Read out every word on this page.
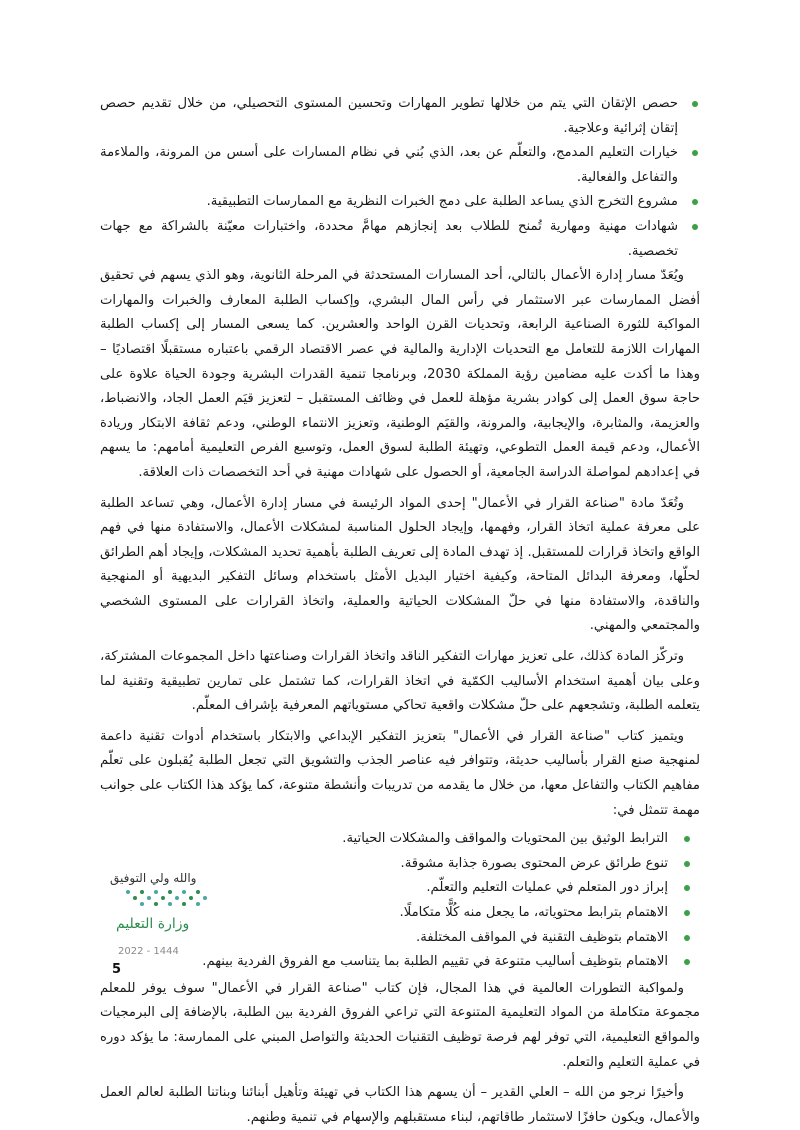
حصص الإتقان التي يتم من خلالها تطوير المهارات وتحسين المستوى التحصيلي، من خلال تقديم حصص إتقان إثرائية وعلاجية.
خيارات التعليم المدمج، والتعلّم عن بعد، الذي بُني في نظام المسارات على أسس من المرونة، والملاءمة والتفاعل والفعالية.
مشروع التخرج الذي يساعد الطلبة على دمج الخبرات النظرية مع الممارسات التطبيقية.
شهادات مهنية ومهارية تُمنح للطلاب بعد إنجازهم مهامَّ محددة، واختبارات معيّنة بالشراكة مع جهات تخصصية.

ويُعَدّ مسار إدارة الأعمال بالتالي، أحد المسارات المستحدثة في المرحلة الثانوية، وهو الذي يسهم في تحقيق أفضل الممارسات عبر الاستثمار في رأس المال البشري، وإكساب الطلبة المعارف والخبرات والمهارات المواكبة للثورة الصناعية الرابعة، وتحديات القرن الواحد والعشرين. كما يسعى المسار إلى إكساب الطلبة المهارات اللازمة للتعامل مع التحديات الإدارية والمالية في عصر الاقتصاد الرقمي باعتباره مستقبلًا اقتصاديًا – وهذا ما أكدت عليه مضامين رؤية المملكة 2030، وبرنامجا تنمية القدرات البشرية وجودة الحياة علاوة على حاجة سوق العمل إلى كوادر بشرية مؤهلة للعمل في وظائف المستقبل – لتعزيز قيَم العمل الجاد، والانضباط، والعزيمة، والمثابرة، والإيجابية، والمرونة، والقيَم الوطنية، وتعزيز الانتماء الوطني، ودعم ثقافة الابتكار وريادة الأعمال، ودعم قيمة العمل التطوعي، وتهيئة الطلبة لسوق العمل، وتوسيع الفرص التعليمية أمامهم: ما يسهم في إعدادهم لمواصلة الدراسة الجامعية، أو الحصول على شهادات مهنية في أحد التخصصات ذات العلاقة.

وتُعَدّ مادة "صناعة القرار في الأعمال" إحدى المواد الرئيسة في مسار إدارة الأعمال، وهي تساعد الطلبة على معرفة عملية اتخاذ القرار، وفهمها، وإيجاد الحلول المناسبة لمشكلات الأعمال، والاستفادة منها في فهم الواقع واتخاذ قرارات للمستقبل. إذ تهدف المادة إلى تعريف الطلبة بأهمية تحديد المشكلات، وإيجاد أهم الطرائق لحلّها، ومعرفة البدائل المتاحة، وكيفية اختيار البديل الأمثل باستخدام وسائل التفكير البديهية أو المنهجية والناقدة، والاستفادة منها في حلّ المشكلات الحياتية والعملية، واتخاذ القرارات على المستوى الشخصي والمجتمعي والمهني.

وتركّز المادة كذلك، على تعزيز مهارات التفكير الناقد واتخاذ القرارات وصناعتها داخل المجموعات المشتركة، وعلى بيان أهمية استخدام الأساليب الكمّية في اتخاذ القرارات، كما تشتمل على تمارين تطبيقية وتقنية لما يتعلمه الطلبة، وتشجعهم على حلّ مشكلات واقعية تحاكي مستوياتهم المعرفية بإشراف المعلّم.

ويتميز كتاب "صناعة القرار في الأعمال" بتعزيز التفكير الإبداعي والابتكار باستخدام أدوات تقنية داعمة لمنهجية صنع القرار بأساليب حديثة، وتتوافر فيه عناصر الجذب والتشويق التي تجعل الطلبة يُقبلون على تعلّم مفاهيم الكتاب والتفاعل معها، من خلال ما يقدمه من تدريبات وأنشطة متنوعة، كما يؤكد هذا الكتاب على جوانب مهمة تتمثل في:

الترابط الوثيق بين المحتويات والمواقف والمشكلات الحياتية.
تنوع طرائق عرض المحتوى بصورة جذابة مشوقة.
إبراز دور المتعلم في عمليات التعليم والتعلّم.
الاهتمام بترابط محتوياته، ما يجعل منه كُلًّا متكاملًا.
الاهتمام بتوظيف التقنية في المواقف المختلفة.
الاهتمام بتوظيف أساليب متنوعة في تقييم الطلبة بما يتناسب مع الفروق الفردية بينهم.

ولمواكبة التطورات العالمية في هذا المجال، فإن كتاب "صناعة القرار في الأعمال" سوف يوفر للمعلم مجموعة متكاملة من المواد التعليمية المتنوعة التي تراعي الفروق الفردية بين الطلبة، بالإضافة إلى البرمجيات والمواقع التعليمية، التي توفر لهم فرصة توظيف التقنيات الحديثة والتواصل المبني على الممارسة: ما يؤكد دوره في عملية التعليم والتعلم.

وأخيرًا نرجو من الله – العلي القدير – أن يسهم هذا الكتاب في تهيئة وتأهيل أبنائنا وبناتنا الطلبة لعالم العمل والأعمال، ويكون حافزًا لاستثمار طاقاتهم، لبناء مستقبلهم والإسهام في تنمية وطنهم.

والله ولي التوفيق
وزارة التعليم
2022 - 1444
5
